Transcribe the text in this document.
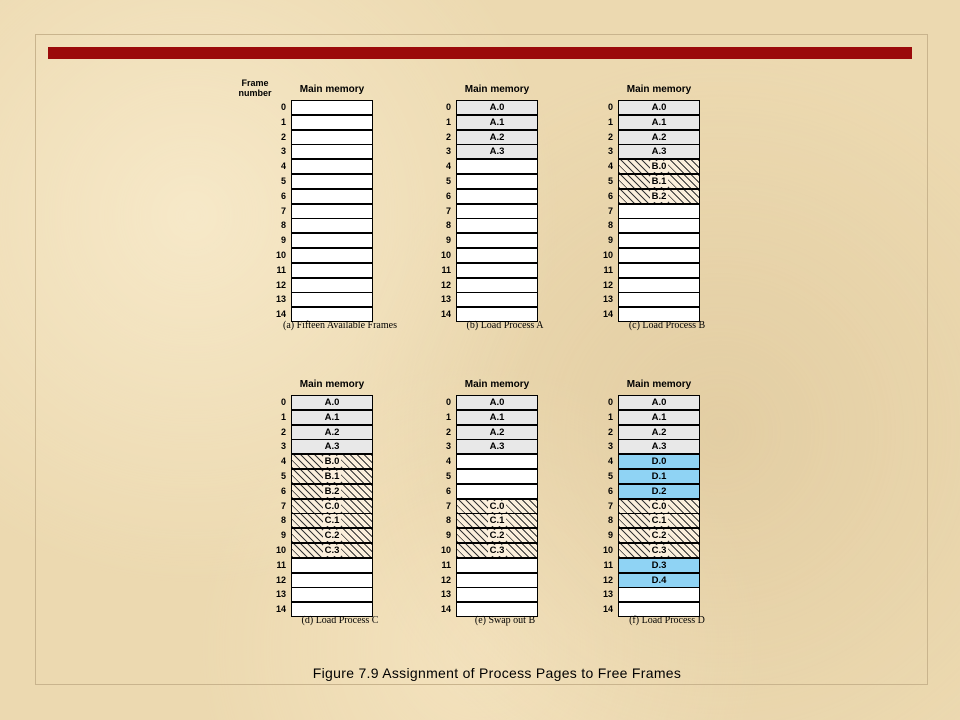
Frame
number	Main memory
0
1
2
3
4
5
6
7
8
9
10
11
12
13
14
(a) Fifteen Available Frames
Main memory
0	A.0
1	A.1
2	A.2
3	A.3
4
5
6
7
8
9
10
11
12
13
14
(b) Load Process A
Main memory
0	A.0
1	A.1
2	A.2
3	A.3
4	B.0
5	B.1
6	B.2
7
8
9
10
11
12
13
14
(c) Load Process B
Main memory
0	A.0
1	A.1
2	A.2
3	A.3
4	B.0
5	B.1
6	B.2
7	C.0
8	C.1
9	C.2
10	C.3
11
12
13
14
(d) Load Process C
Main memory
0	A.0
1	A.1
2	A.2
3	A.3
4
5
6
7	C.0
8	C.1
9	C.2
10	C.3
11
12
13
14
(e) Swap out B
Main memory
0	A.0
1	A.1
2	A.2
3	A.3
4	D.0
5	D.1
6	D.2
7	C.0
8	C.1
9	C.2
10	C.3
11	D.3
12	D.4
13
14
(f) Load Process D
Figure 7.9 Assignment of Process Pages to Free Frames
